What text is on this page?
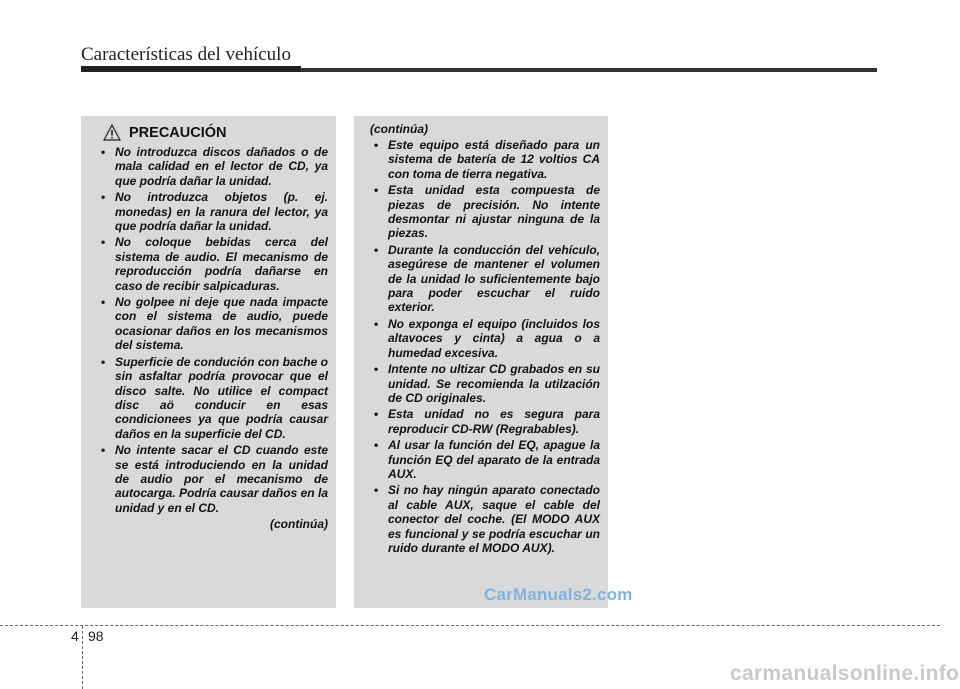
Características del vehículo
PRECAUCIÓN
• No introduzca discos dañados o de mala calidad en el lector de CD, ya que podría dañar la unidad.
• No introduzca objetos (p. ej. monedas) en la ranura del lector, ya que podría dañar la unidad.
• No coloque bebidas cerca del sistema de audio. El mecanismo de reproducción podría dañarse en caso de recibir salpicaduras.
• No golpee ni deje que nada impacte con el sistema de audio, puede ocasionar daños en los mecanismos del sistema.
• Superficie de condución con bache o sin asfaltar podría provocar que el disco salte. No utilice el compact disc aö conducir en esas condicionees ya que podría causar daños en la superficie del CD.
• No intente sacar el CD cuando este se está introduciendo en la unidad de audio por el mecanismo de autocarga. Podría causar daños en la unidad y en el CD.
(continúa)
(continúa)
• Este equipo está diseñado para un sistema de batería de 12 voltios CA con toma de tierra negativa.
• Esta unidad esta compuesta de piezas de precisión. No intente desmontar ni ajustar ninguna de la piezas.
• Durante la conducción del vehículo, asegúrese de mantener el volumen de la unidad lo suficientemente bajo para poder escuchar el ruido exterior.
• No exponga el equipo (incluidos los altavoces y cinta) a agua o a humedad excesiva.
• Intente no ultizar CD grabados en su unidad. Se recomienda la utilzación de CD originales.
• Esta unidad no es segura para reproducir CD-RW (Regrabables).
• Al usar la función del EQ, apague la función EQ del aparato de la entrada AUX.
• Si no hay ningún aparato conectado al cable AUX, saque el cable del conector del coche. (El MODO AUX es funcional y se podría escuchar un ruido durante el MODO AUX).
CarManuals2.com
4 98
carmanualsonline.info
